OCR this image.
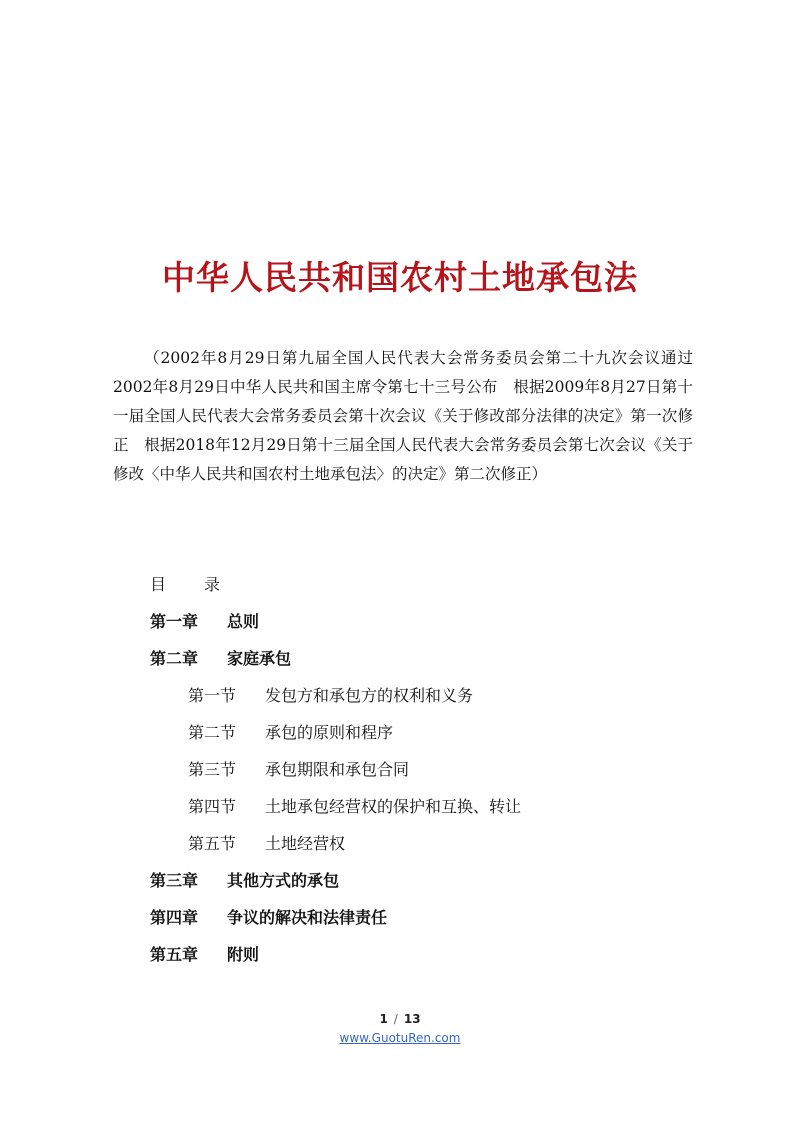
中华人民共和国农村土地承包法

（2002年8月29日第九届全国人民代表大会常务委员会第二十九次会议通过　2002年8月29日中华人民共和国主席令第七十三号公布　根据2009年8月27日第十一届全国人民代表大会常务委员会第十次会议《关于修改部分法律的决定》第一次修正　根据2018年12月29日第十三届全国人民代表大会常务委员会第七次会议《关于修改〈中华人民共和国农村土地承包法〉的决定》第二次修正）

目 录
第一章 总则
第二章 家庭承包
第一节 发包方和承包方的权利和义务
第二节 承包的原则和程序
第三节 承包期限和承包合同
第四节 土地承包经营权的保护和互换、转让
第五节 土地经营权
第三章 其他方式的承包
第四章 争议的解决和法律责任
第五章 附则

1 / 13

www.GuotuRen.com
